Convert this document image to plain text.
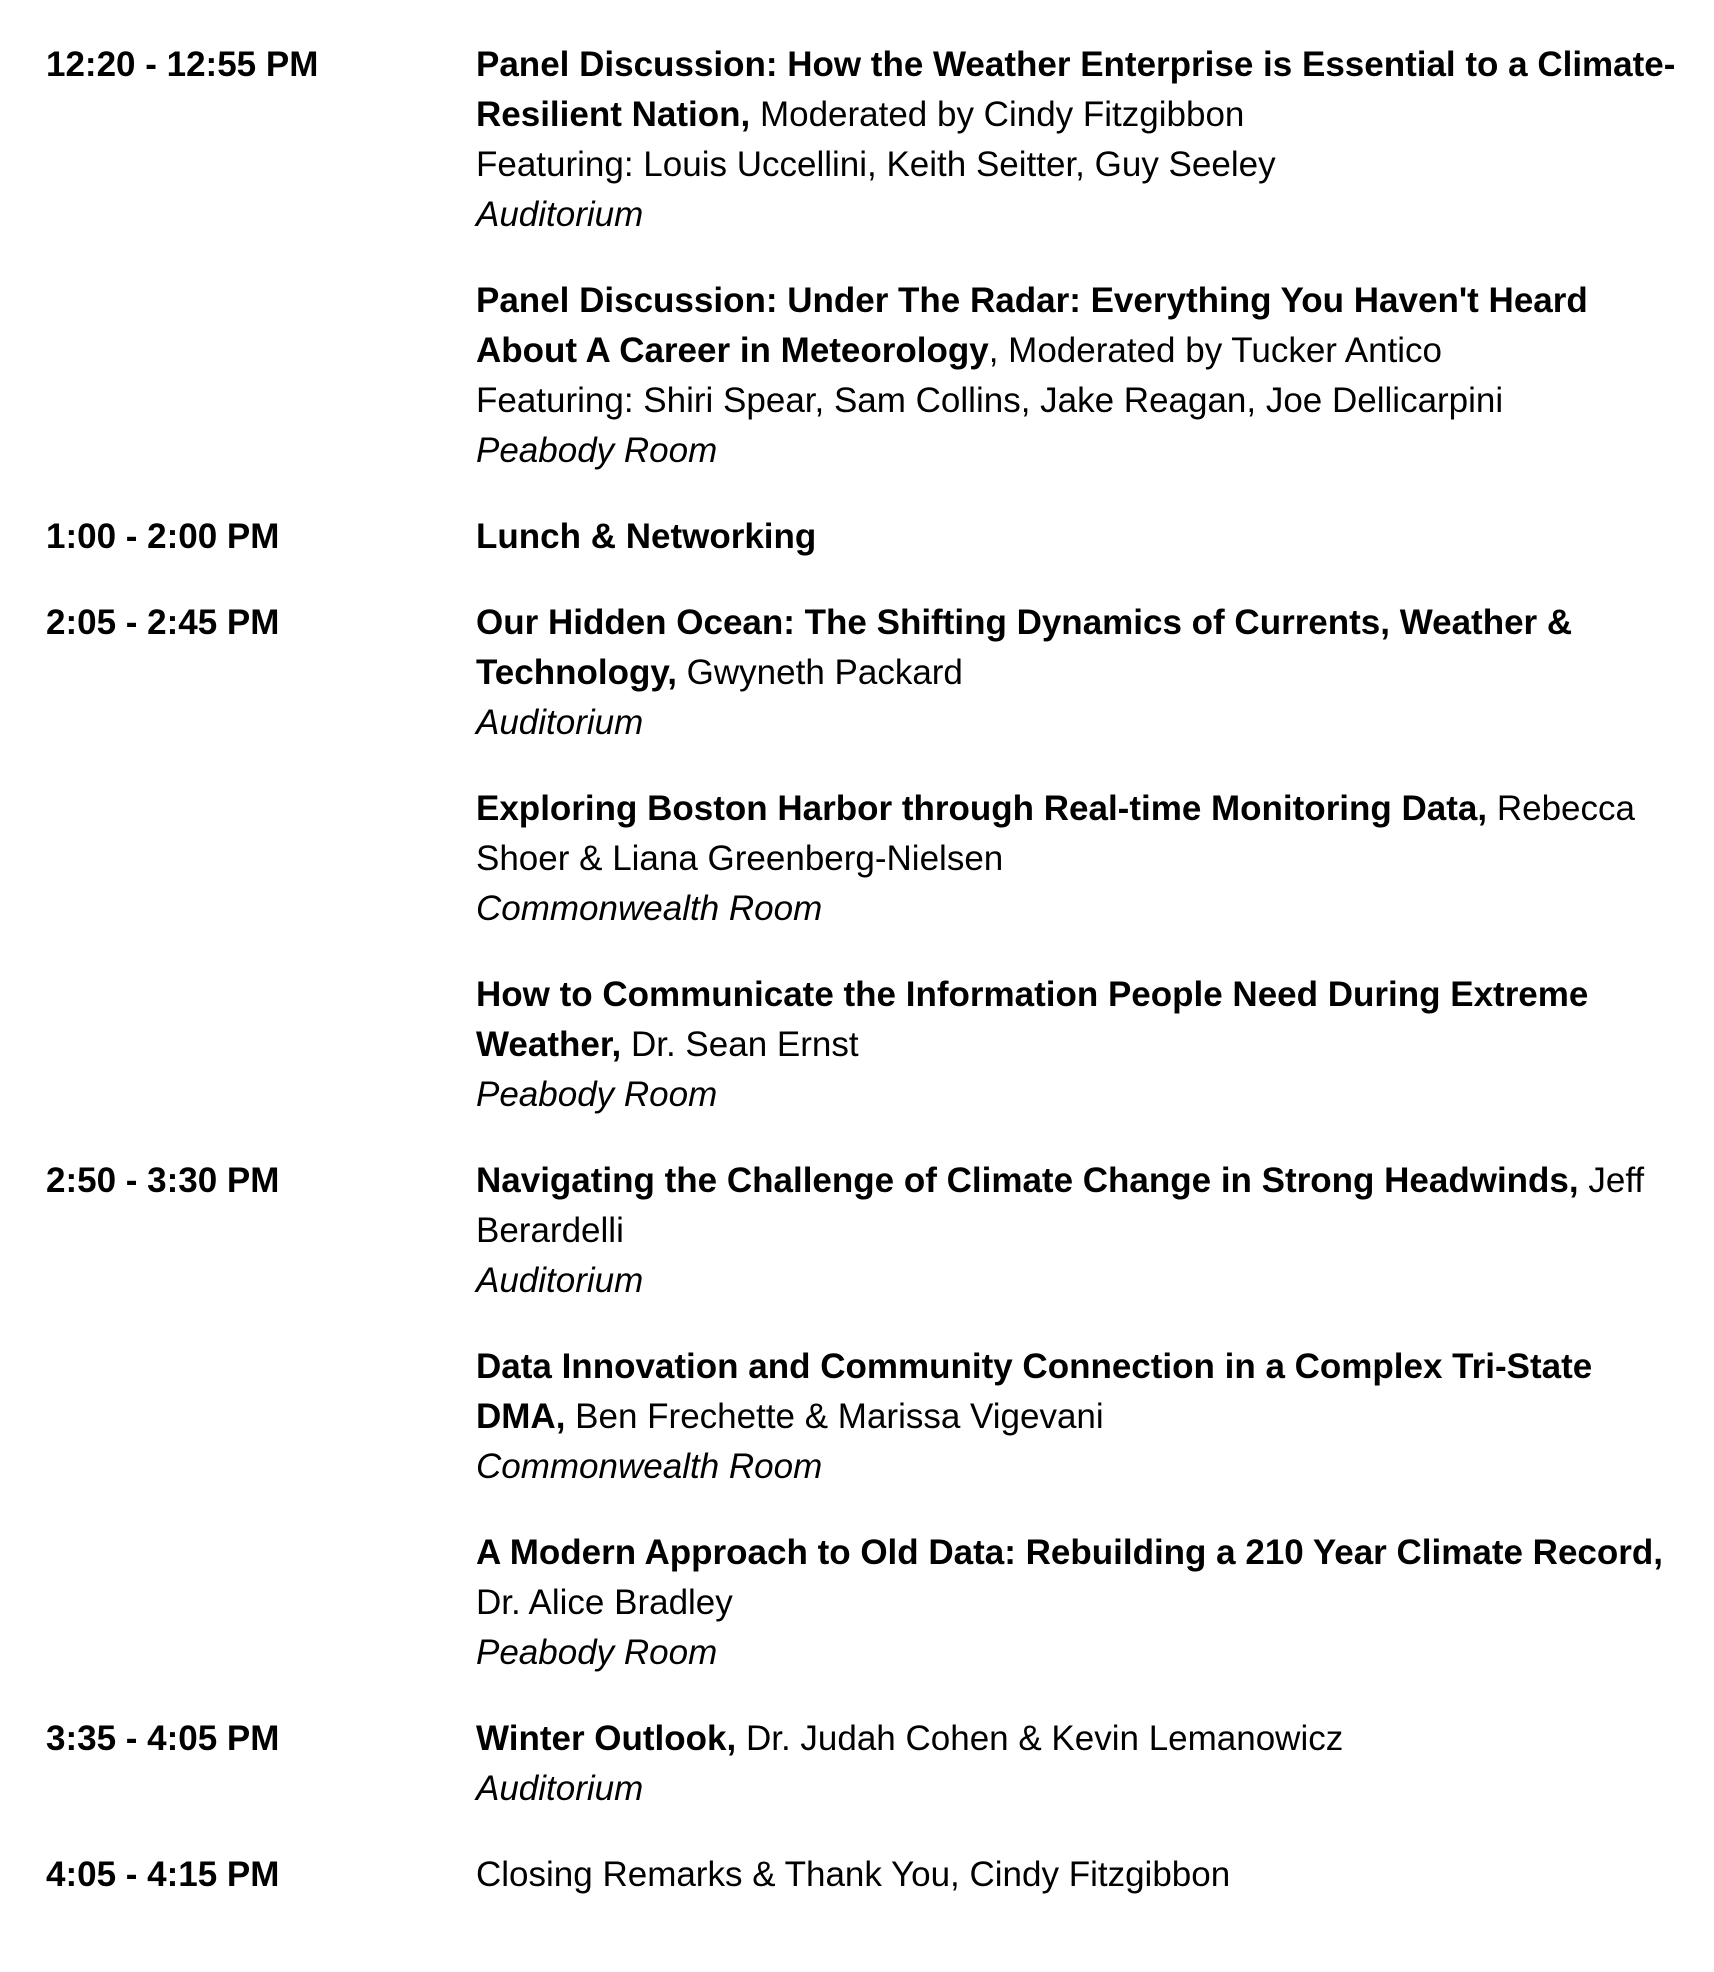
12:20 - 12:55 PM	Panel Discussion: How the Weather Enterprise is Essential to a Climate-Resilient Nation, Moderated by Cindy Fitzgibbon
Featuring: Louis Uccellini, Keith Seitter, Guy Seeley
Auditorium
Panel Discussion: Under The Radar: Everything You Haven't Heard About A Career in Meteorology, Moderated by Tucker Antico
Featuring: Shiri Spear, Sam Collins, Jake Reagan, Joe Dellicarpini
Peabody Room
1:00 - 2:00 PM	Lunch & Networking
2:05 - 2:45 PM	Our Hidden Ocean: The Shifting Dynamics of Currents, Weather & Technology, Gwyneth Packard
Auditorium
Exploring Boston Harbor through Real-time Monitoring Data, Rebecca Shoer & Liana Greenberg-Nielsen
Commonwealth Room
How to Communicate the Information People Need During Extreme Weather, Dr. Sean Ernst
Peabody Room
2:50 - 3:30 PM	Navigating the Challenge of Climate Change in Strong Headwinds, Jeff Berardelli
Auditorium
Data Innovation and Community Connection in a Complex Tri-State DMA, Ben Frechette & Marissa Vigevani
Commonwealth Room
A Modern Approach to Old Data: Rebuilding a 210 Year Climate Record, Dr. Alice Bradley
Peabody Room
3:35 - 4:05 PM	Winter Outlook, Dr. Judah Cohen & Kevin Lemanowicz
Auditorium
4:05 - 4:15 PM	Closing Remarks & Thank You, Cindy Fitzgibbon
